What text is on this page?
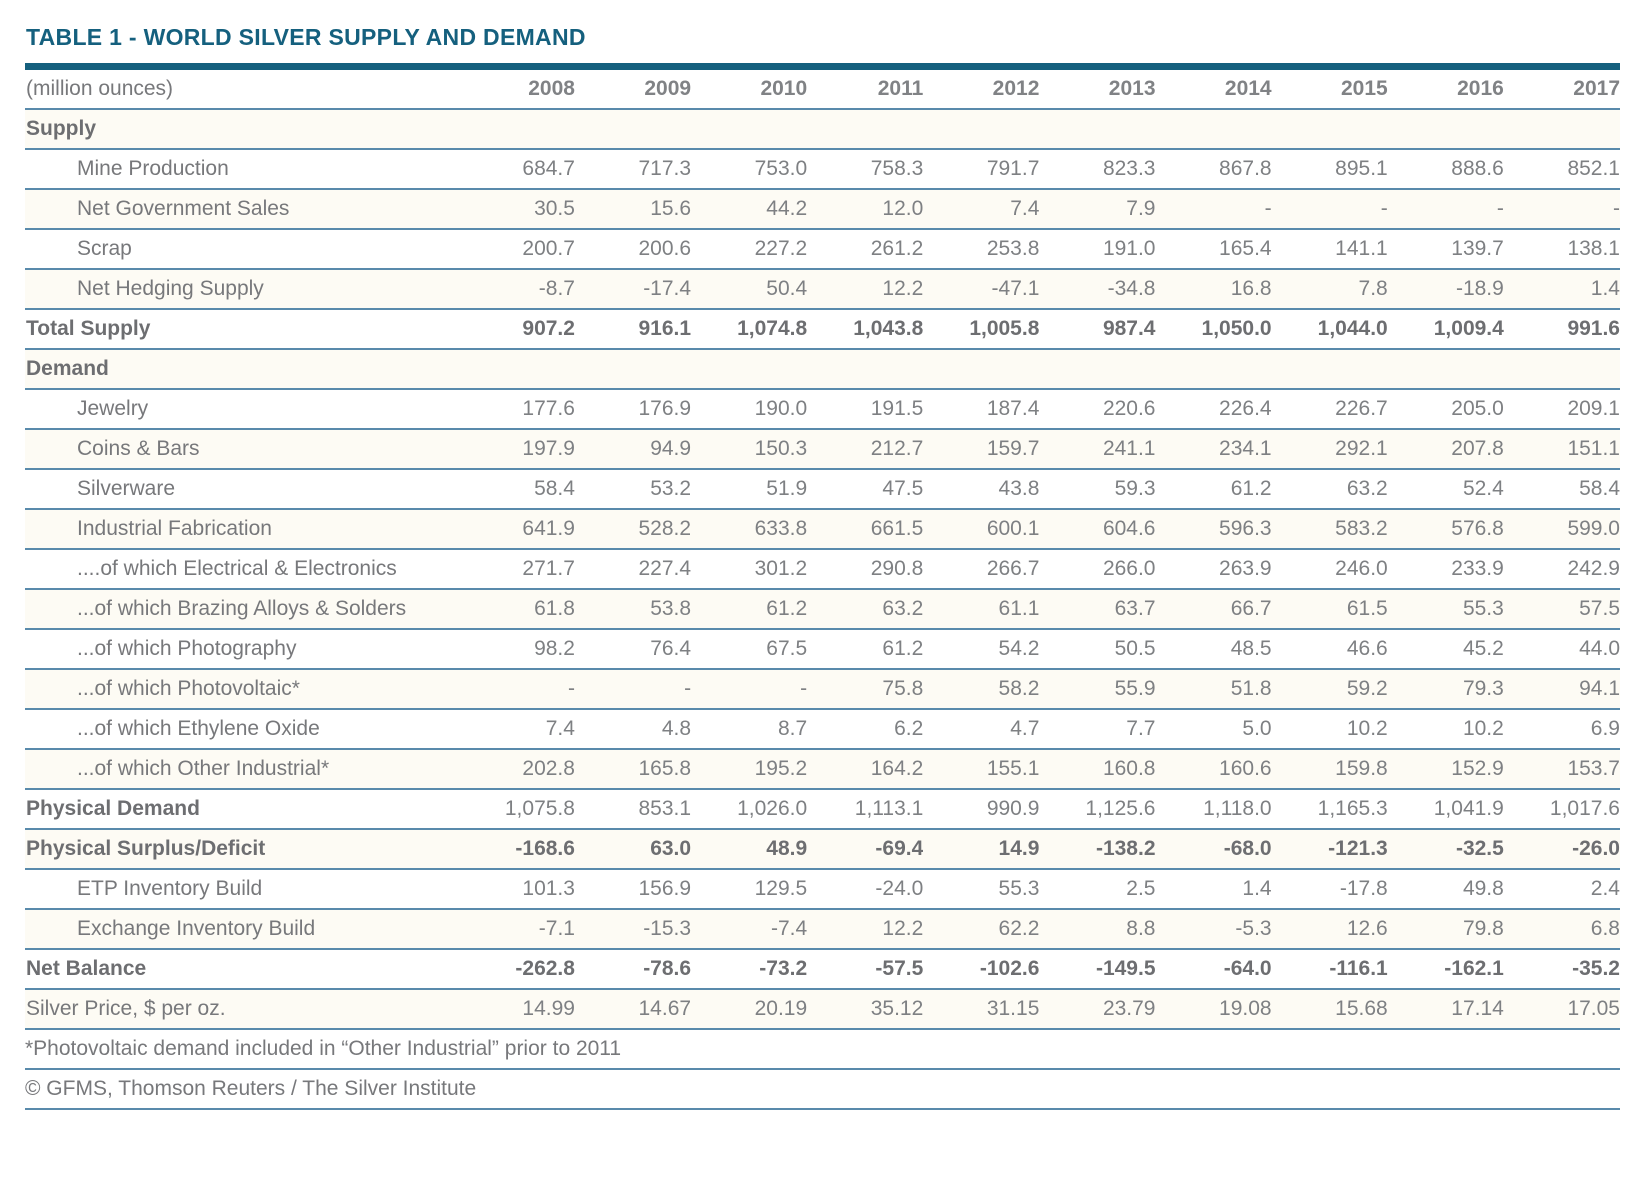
TABLE 1 - WORLD SILVER SUPPLY AND DEMAND
(million ounces)	2008	2009	2010	2011	2012	2013	2014	2015	2016	2017
Supply										
Mine Production	684.7	717.3	753.0	758.3	791.7	823.3	867.8	895.1	888.6	852.1
Net Government Sales	30.5	15.6	44.2	12.0	7.4	7.9	-	-	-	-
Scrap	200.7	200.6	227.2	261.2	253.8	191.0	165.4	141.1	139.7	138.1
Net Hedging Supply	-8.7	-17.4	50.4	12.2	-47.1	-34.8	16.8	7.8	-18.9	1.4
Total Supply	907.2	916.1	1,074.8	1,043.8	1,005.8	987.4	1,050.0	1,044.0	1,009.4	991.6
Demand										
Jewelry	177.6	176.9	190.0	191.5	187.4	220.6	226.4	226.7	205.0	209.1
Coins & Bars	197.9	94.9	150.3	212.7	159.7	241.1	234.1	292.1	207.8	151.1
Silverware	58.4	53.2	51.9	47.5	43.8	59.3	61.2	63.2	52.4	58.4
Industrial Fabrication	641.9	528.2	633.8	661.5	600.1	604.6	596.3	583.2	576.8	599.0
....of which Electrical & Electronics	271.7	227.4	301.2	290.8	266.7	266.0	263.9	246.0	233.9	242.9
...of which Brazing Alloys & Solders	61.8	53.8	61.2	63.2	61.1	63.7	66.7	61.5	55.3	57.5
...of which Photography	98.2	76.4	67.5	61.2	54.2	50.5	48.5	46.6	45.2	44.0
...of which Photovoltaic*	-	-	-	75.8	58.2	55.9	51.8	59.2	79.3	94.1
...of which Ethylene Oxide	7.4	4.8	8.7	6.2	4.7	7.7	5.0	10.2	10.2	6.9
...of which Other Industrial*	202.8	165.8	195.2	164.2	155.1	160.8	160.6	159.8	152.9	153.7
Physical Demand	1,075.8	853.1	1,026.0	1,113.1	990.9	1,125.6	1,118.0	1,165.3	1,041.9	1,017.6
Physical Surplus/Deficit	-168.6	63.0	48.9	-69.4	14.9	-138.2	-68.0	-121.3	-32.5	-26.0
ETP Inventory Build	101.3	156.9	129.5	-24.0	55.3	2.5	1.4	-17.8	49.8	2.4
Exchange Inventory Build	-7.1	-15.3	-7.4	12.2	62.2	8.8	-5.3	12.6	79.8	6.8
Net Balance	-262.8	-78.6	-73.2	-57.5	-102.6	-149.5	-64.0	-116.1	-162.1	-35.2
Silver Price, $ per oz.	14.99	14.67	20.19	35.12	31.15	23.79	19.08	15.68	17.14	17.05
*Photovoltaic demand included in “Other Industrial” prior to 2011
© GFMS, Thomson Reuters / The Silver Institute
